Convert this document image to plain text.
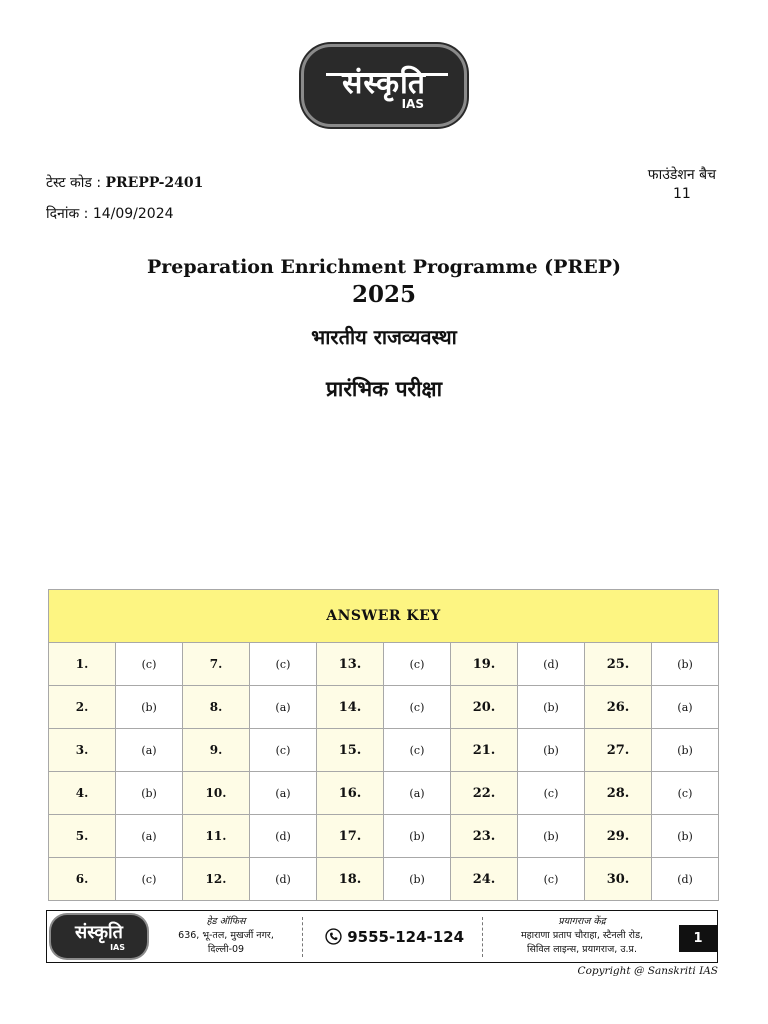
संस्कृति
IAS
टेस्ट कोड : PREPP-2401
दिनांक : 14/09/2024
फाउंडेशन बैच
11
Preparation Enrichment Programme (PREP)
2025
भारतीय राजव्यवस्था
प्रारंभिक परीक्षा
ANSWER KEY									
1.	(c)	7.	(c)	13.	(c)	19.	(d)	25.	(b)
2.	(b)	8.	(a)	14.	(c)	20.	(b)	26.	(a)
3.	(a)	9.	(c)	15.	(c)	21.	(b)	27.	(b)
4.	(b)	10.	(a)	16.	(a)	22.	(c)	28.	(c)
5.	(a)	11.	(d)	17.	(b)	23.	(b)	29.	(b)
6.	(c)	12.	(d)	18.	(b)	24.	(c)	30.	(d)
संस्कृति
IAS
हेड ऑफिस
636, भू-तल, मुखर्जी नगर,
दिल्ली-09
9555-124-124
प्रयागराज केंद्र
महाराणा प्रताप चौराहा, स्टैनली रोड,
सिविल लाइन्स, प्रयागराज, उ.प्र.
1
Copyright @ Sanskriti IAS
